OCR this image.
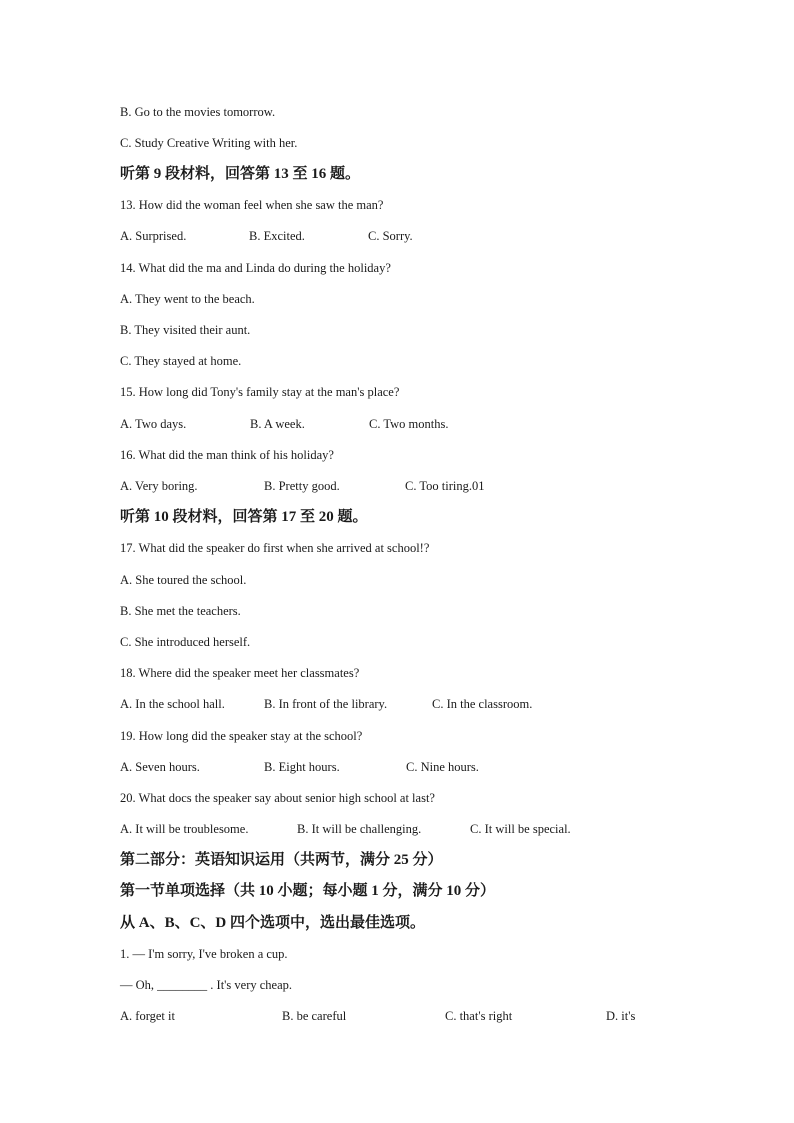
B. Go to the movies tomorrow.
C. Study Creative Writing with her.
听第 9 段材料，回答第 13 至 16 题。
13. How did the woman feel when she saw the man?
A. Surprised.	B. Excited.	C. Sorry.
14. What did the ma and Linda do during the holiday?
A. They went to the beach.
B. They visited their aunt.
C. They stayed at home.
15. How long did Tony's family stay at the man's place?
A. Two days.	B. A week.	C. Two months.
16. What did the man think of his holiday?
A. Very boring.	B. Pretty good.	C. Too tiring.01
听第 10 段材料，回答第 17 至 20 题。
17. What did the speaker do first when she arrived at school!?
A. She toured the school.
B. She met the teachers.
C. She introduced herself.
18. Where did the speaker meet her classmates?
A. In the school hall.	B. In front of the library.	C. In the classroom.
19. How long did the speaker stay at the school?
A. Seven hours.	B. Eight hours.	C. Nine hours.
20. What docs the speaker say about senior high school at last?
A. It will be troublesome.	B. It will be challenging.	C. It will be special.
第二部分：英语知识运用（共两节，满分 25 分）
第一节单项选择（共 10 小题；每小题 1 分，满分 10 分）
从 A、B、C、D 四个选项中，选出最佳选项。
1. — I'm sorry, I've broken a cup.
— Oh, ________ . It's very cheap.
A. forget it	B. be careful	C. that's right	D. it's
